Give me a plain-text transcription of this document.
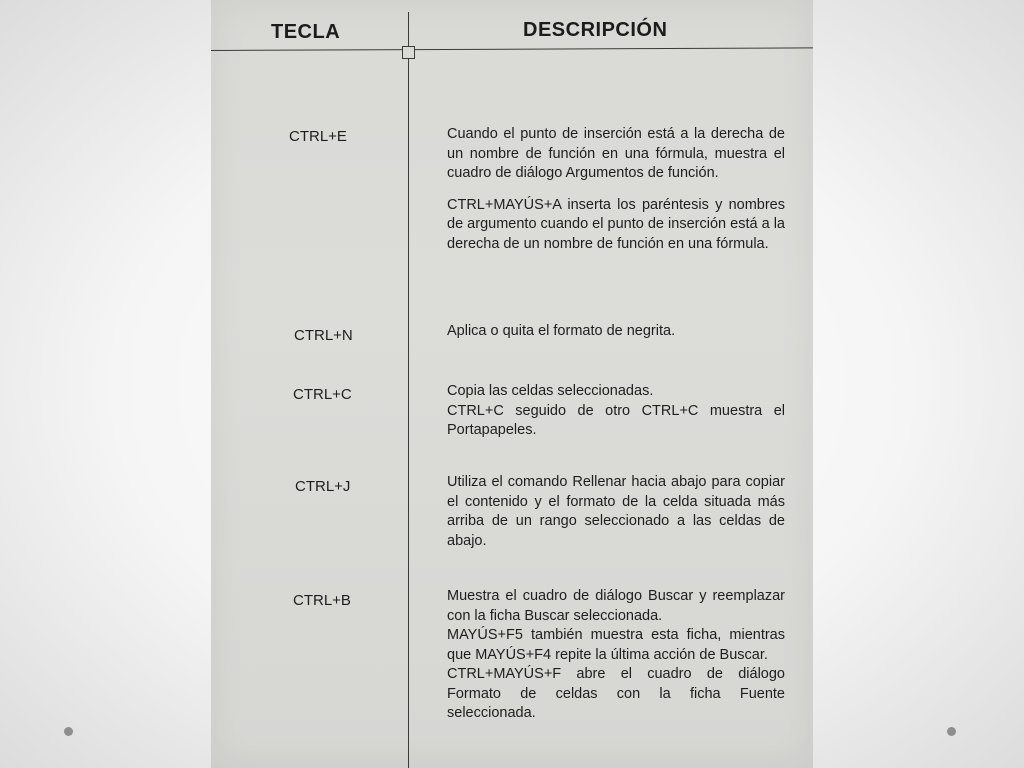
TECLA	DESCRIPCIÓN
CTRL+E	Cuando el punto de inserción está a la derecha de un nombre de función en una fórmula, muestra el cuadro de diálogo Argumentos de función.

CTRL+MAYÚS+A inserta los paréntesis y nombres de argumento cuando el punto de inserción está a la derecha de un nombre de función en una fórmula.

CTRL+N	Aplica o quita el formato de negrita.

CTRL+C	Copia las celdas seleccionadas.
CTRL+C seguido de otro CTRL+C muestra el Portapapeles.
CTRL+J	Utiliza el comando Rellenar hacia abajo para copiar el contenido y el formato de la celda situada más arriba de un rango seleccionado a las celdas de abajo.

CTRL+B	Muestra el cuadro de diálogo Buscar y reemplazar con la ficha Buscar seleccionada.
MAYÚS+F5 también muestra esta ficha, mientras que MAYÚS+F4 repite la última acción de Buscar.
CTRL+MAYÚS+F abre el cuadro de diálogo Formato de celdas con la ficha Fuente seleccionada.
